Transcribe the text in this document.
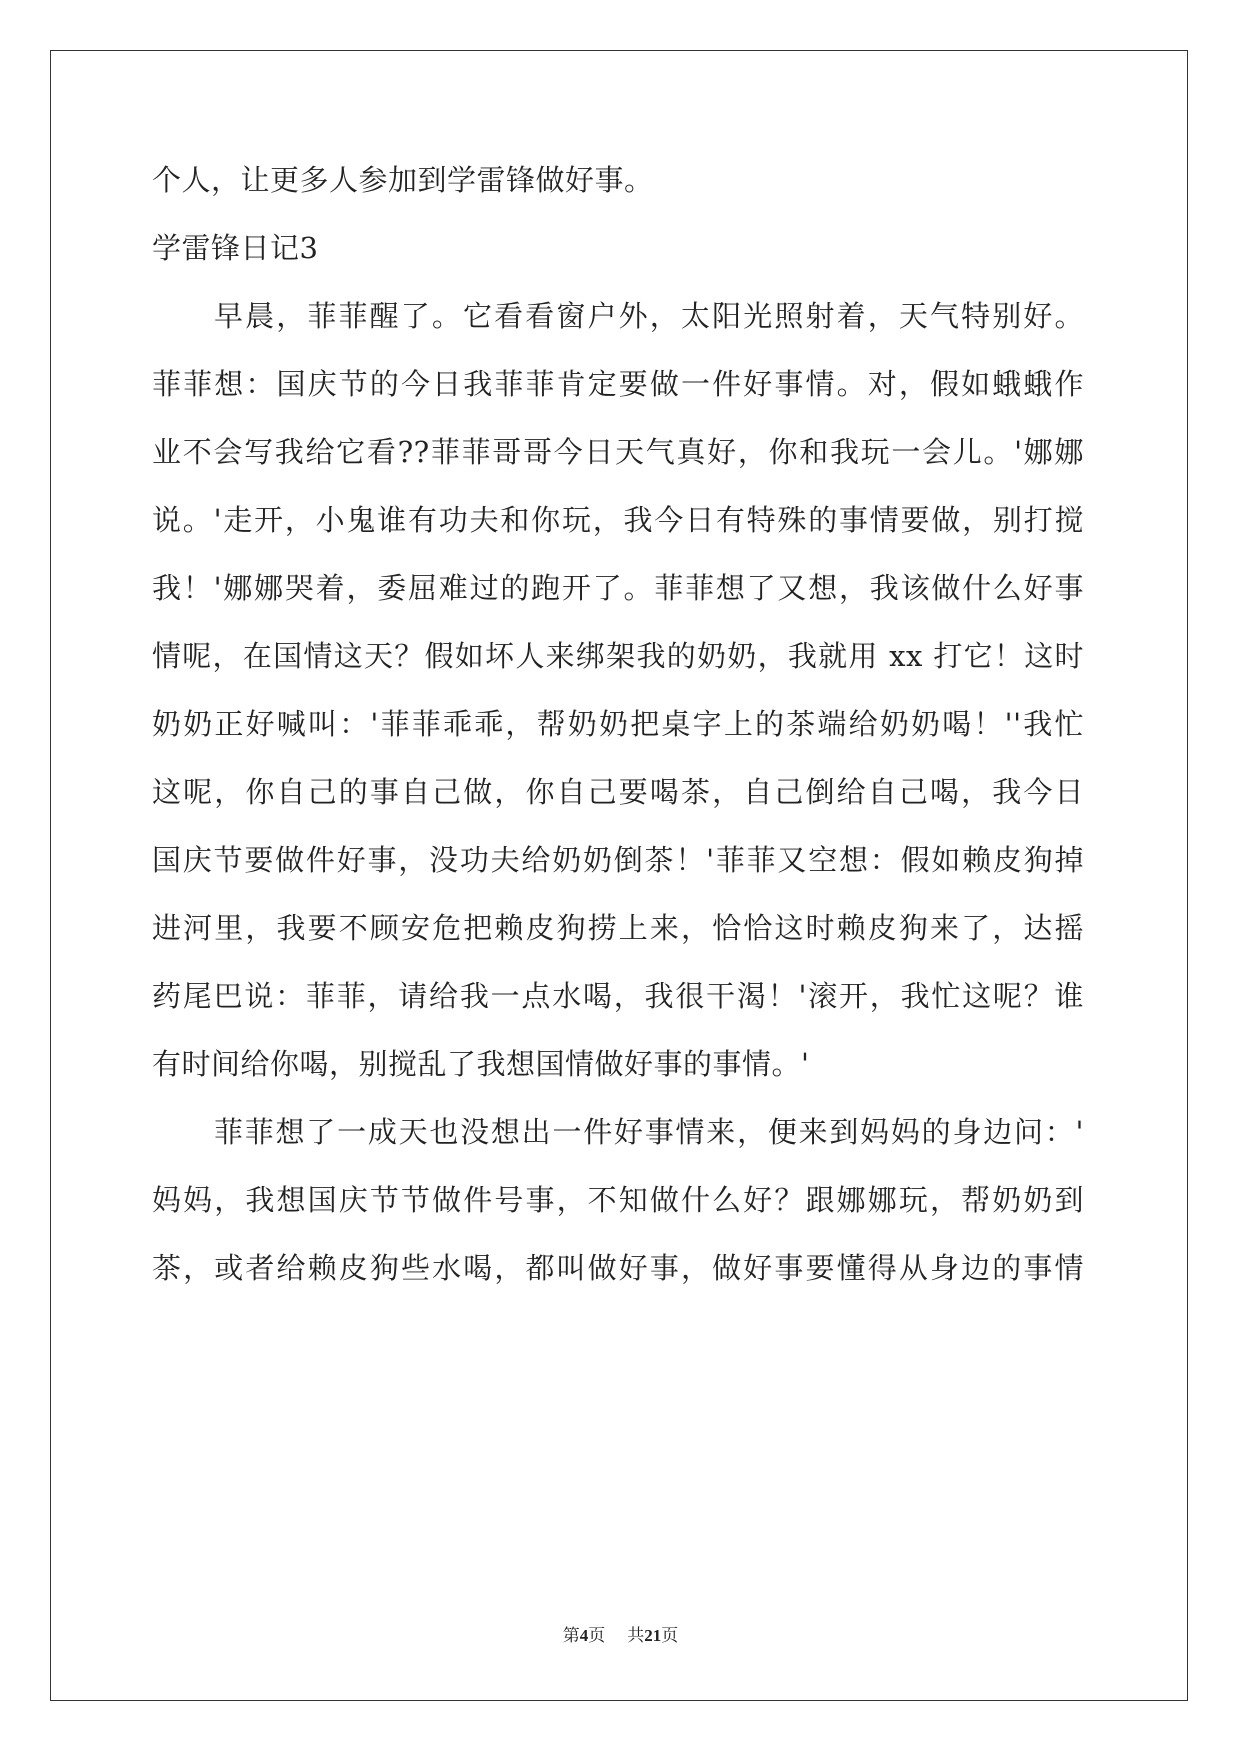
个人，让更多人参加到学雷锋做好事。
学雷锋日记3
早晨，菲菲醒了。它看看窗户外，太阳光照射着，天气特别好。
菲菲想：国庆节的今日我菲菲肯定要做一件好事情。对，假如蛾蛾作
业不会写我给它看??菲菲哥哥今日天气真好，你和我玩一会儿。'娜娜
说。'走开，小鬼谁有功夫和你玩，我今日有特殊的事情要做，别打搅
我！'娜娜哭着，委屈难过的跑开了。菲菲想了又想，我该做什么好事
情呢，在国情这天？假如坏人来绑架我的奶奶，我就用 xx 打它！这时
奶奶正好喊叫：'菲菲乖乖，帮奶奶把桌字上的茶端给奶奶喝！''我忙
这呢，你自己的事自己做，你自己要喝茶，自己倒给自己喝，我今日
国庆节要做件好事，没功夫给奶奶倒茶！'菲菲又空想：假如赖皮狗掉
进河里，我要不顾安危把赖皮狗捞上来，恰恰这时赖皮狗来了，达摇
药尾巴说：菲菲，请给我一点水喝，我很干渴！'滚开，我忙这呢？谁
有时间给你喝，别搅乱了我想国情做好事的事情。'
菲菲想了一成天也没想出一件好事情来，便来到妈妈的身边问：'
妈妈，我想国庆节节做件号事，不知做什么好？跟娜娜玩，帮奶奶到
茶，或者给赖皮狗些水喝，都叫做好事，做好事要懂得从身边的事情
第4页 共21页
